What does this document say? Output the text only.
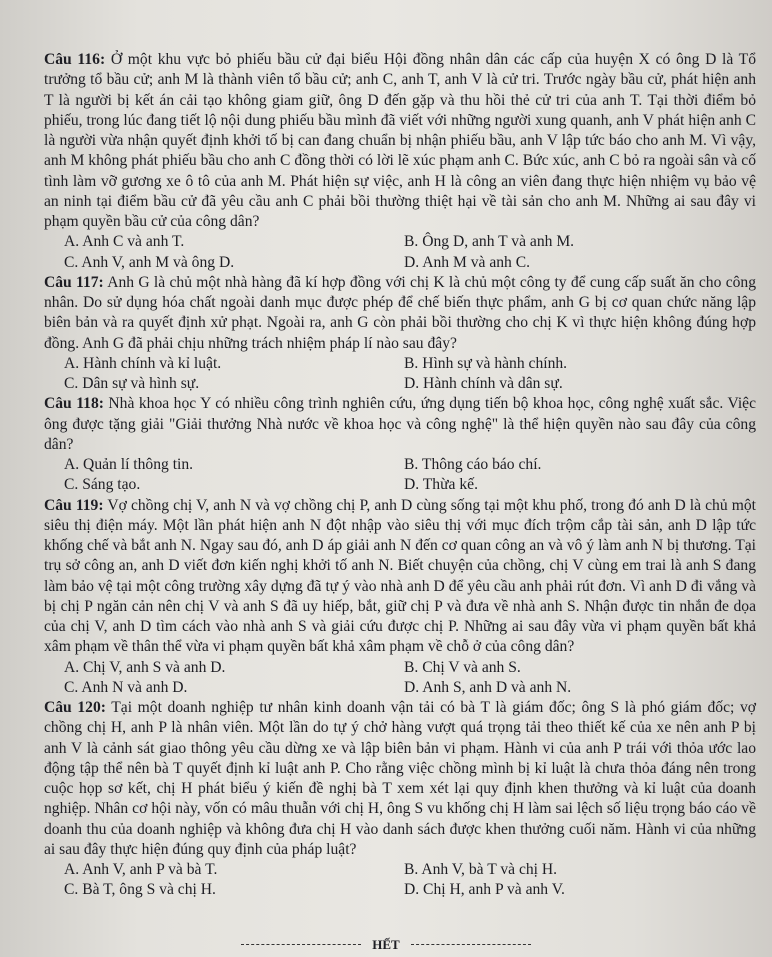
Câu 116: Ở một khu vực bỏ phiếu bầu cử đại biểu Hội đồng nhân dân các cấp của huyện X có ông D là Tổ trưởng tổ bầu cử; anh M là thành viên tổ bầu cử; anh C, anh T, anh V là cử tri. Trước ngày bầu cử, phát hiện anh T là người bị kết án cải tạo không giam giữ, ông D đến gặp và thu hồi thẻ cử tri của anh T. Tại thời điểm bỏ phiếu, trong lúc đang tiết lộ nội dung phiếu bầu mình đã viết với những người xung quanh, anh V phát hiện anh C là người vừa nhận quyết định khởi tố bị can đang chuẩn bị nhận phiếu bầu, anh V lập tức báo cho anh M. Vì vậy, anh M không phát phiếu bầu cho anh C đồng thời có lời lẽ xúc phạm anh C. Bức xúc, anh C bỏ ra ngoài sân và cố tình làm vỡ gương xe ô tô của anh M. Phát hiện sự việc, anh H là công an viên đang thực hiện nhiệm vụ bảo vệ an ninh tại điểm bầu cử đã yêu cầu anh C phải bồi thường thiệt hại về tài sản cho anh M. Những ai sau đây vi phạm quyền bầu cử của công dân?

A. Anh C và anh T.	B. Ông D, anh T và anh M.

C. Anh V, anh M và ông D.	D. Anh M và anh C.

Câu 117: Anh G là chủ một nhà hàng đã kí hợp đồng với chị K là chủ một công ty để cung cấp suất ăn cho công nhân. Do sử dụng hóa chất ngoài danh mục được phép để chế biến thực phẩm, anh G bị cơ quan chức năng lập biên bản và ra quyết định xử phạt. Ngoài ra, anh G còn phải bồi thường cho chị K vì thực hiện không đúng hợp đồng. Anh G đã phải chịu những trách nhiệm pháp lí nào sau đây?

A. Hành chính và kỉ luật.	B. Hình sự và hành chính.

C. Dân sự và hình sự.	D. Hành chính và dân sự.

Câu 118: Nhà khoa học Y có nhiều công trình nghiên cứu, ứng dụng tiến bộ khoa học, công nghệ xuất sắc. Việc ông được tặng giải "Giải thưởng Nhà nước về khoa học và công nghệ" là thể hiện quyền nào sau đây của công dân?

A. Quản lí thông tin.	B. Thông cáo báo chí.

C. Sáng tạo.	D. Thừa kế.

Câu 119: Vợ chồng chị V, anh N và vợ chồng chị P, anh D cùng sống tại một khu phố, trong đó anh D là chủ một siêu thị điện máy. Một lần phát hiện anh N đột nhập vào siêu thị với mục đích trộm cắp tài sản, anh D lập tức khống chế và bắt anh N. Ngay sau đó, anh D áp giải anh N đến cơ quan công an và vô ý làm anh N bị thương. Tại trụ sở công an, anh D viết đơn kiến nghị khởi tố anh N. Biết chuyện của chồng, chị V cùng em trai là anh S đang làm bảo vệ tại một công trường xây dựng đã tự ý vào nhà anh D để yêu cầu anh phải rút đơn. Vì anh D đi vắng và bị chị P ngăn cản nên chị V và anh S đã uy hiếp, bắt, giữ chị P và đưa về nhà anh S. Nhận được tin nhắn đe dọa của chị V, anh D tìm cách vào nhà anh S và giải cứu được chị P. Những ai sau đây vừa vi phạm quyền bất khả xâm phạm về thân thể vừa vi phạm quyền bất khả xâm phạm về chỗ ở của công dân?

A. Chị V, anh S và anh D.	B. Chị V và anh S.

C. Anh N và anh D.	D. Anh S, anh D và anh N.

Câu 120: Tại một doanh nghiệp tư nhân kinh doanh vận tải có bà T là giám đốc; ông S là phó giám đốc; vợ chồng chị H, anh P là nhân viên. Một lần do tự ý chở hàng vượt quá trọng tải theo thiết kế của xe nên anh P bị anh V là cảnh sát giao thông yêu cầu dừng xe và lập biên bản vi phạm. Hành vi của anh P trái với thỏa ước lao động tập thể nên bà T quyết định kỉ luật anh P. Cho rằng việc chồng mình bị kỉ luật là chưa thỏa đáng nên trong cuộc họp sơ kết, chị H phát biểu ý kiến đề nghị bà T xem xét lại quy định khen thưởng và kỉ luật của doanh nghiệp. Nhân cơ hội này, vốn có mâu thuẫn với chị H, ông S vu khống chị H làm sai lệch số liệu trọng báo cáo về doanh thu của doanh nghiệp và không đưa chị H vào danh sách được khen thưởng cuối năm. Hành vi của những ai sau đây thực hiện đúng quy định của pháp luật?

A. Anh V, anh P và bà T.	B. Anh V, bà T và chị H.

C. Bà T, ông S và chị H.	D. Chị H, anh P và anh V.

HẾT
